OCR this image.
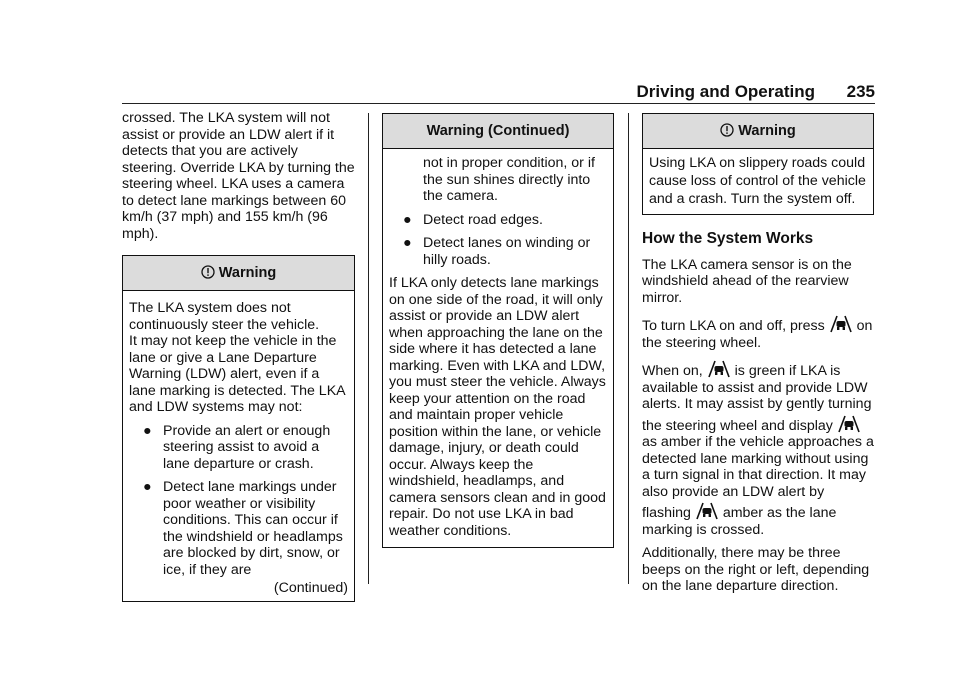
Driving and Operating 235

crossed. The LKA system will not assist or provide an LDW alert if it detects that you are actively steering. Override LKA by turning the steering wheel. LKA uses a camera to detect lane markings between 60 km/h (37 mph) and 155 km/h (96 mph).

Warning

The LKA system does not continuously steer the vehicle.

It may not keep the vehicle in the lane or give a Lane Departure Warning (LDW) alert, even if a lane marking is detected. The LKA and LDW systems may not:

● Provide an alert or enough steering assist to avoid a lane departure or crash.
● Detect lane markings under poor weather or visibility conditions. This can occur if the windshield or headlamps are blocked by dirt, snow, or ice, if they are

(Continued)

Warning (Continued)

not in proper condition, or if the sun shines directly into the camera.

● Detect road edges.
● Detect lanes on winding or hilly roads.

If LKA only detects lane markings on one side of the road, it will only assist or provide an LDW alert when approaching the lane on the side where it has detected a lane marking. Even with LKA and LDW, you must steer the vehicle. Always keep your attention on the road and maintain proper vehicle position within the lane, or vehicle damage, injury, or death could occur. Always keep the windshield, headlamps, and camera sensors clean and in good repair. Do not use LKA in bad weather conditions.

Warning

Using LKA on slippery roads could cause loss of control of the vehicle and a crash. Turn the system off.

How the System Works

The LKA camera sensor is on the windshield ahead of the rearview mirror.

To turn LKA on and off, press on the steering wheel.

When on, is green if LKA is available to assist and provide LDW alerts. It may assist by gently turning the steering wheel and display  as amber if the vehicle approaches a detected lane marking without using a turn signal in that direction. It may also provide an LDW alert by flashing amber as the lane marking is crossed.

Additionally, there may be three beeps on the right or left, depending on the lane departure direction.
